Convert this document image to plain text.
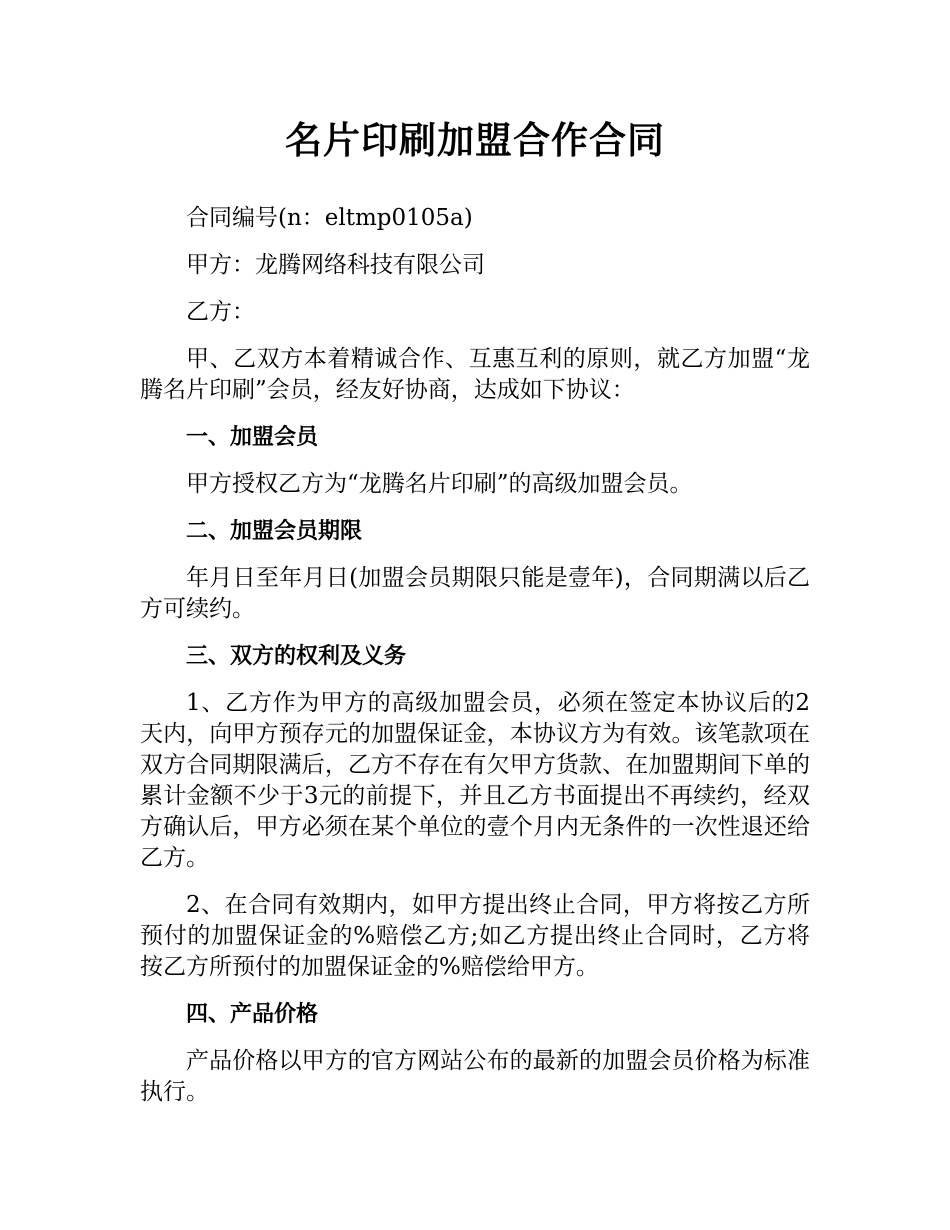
名片印刷加盟合作合同

合同编号(n：eltmp0105a)

甲方：龙腾网络科技有限公司

乙方：

甲、乙双方本着精诚合作、互惠互利的原则，就乙方加盟“龙腾名片印刷”会员，经友好协商，达成如下协议：

一、加盟会员

甲方授权乙方为“龙腾名片印刷”的高级加盟会员。

二、加盟会员期限

年月日至年月日(加盟会员期限只能是壹年)，合同期满以后乙方可续约。

三、双方的权利及义务

1、乙方作为甲方的高级加盟会员，必须在签定本协议后的2天内，向甲方预存元的加盟保证金，本协议方为有效。该笔款项在双方合同期限满后，乙方不存在有欠甲方货款、在加盟期间下单的累计金额不少于3元的前提下，并且乙方书面提出不再续约，经双方确认后，甲方必须在某个单位的壹个月内无条件的一次性退还给乙方。

2、在合同有效期内，如甲方提出终止合同，甲方将按乙方所预付的加盟保证金的%赔偿乙方;如乙方提出终止合同时，乙方将按乙方所预付的加盟保证金的%赔偿给甲方。

四、产品价格

产品价格以甲方的官方网站公布的最新的加盟会员价格为标准执行。
